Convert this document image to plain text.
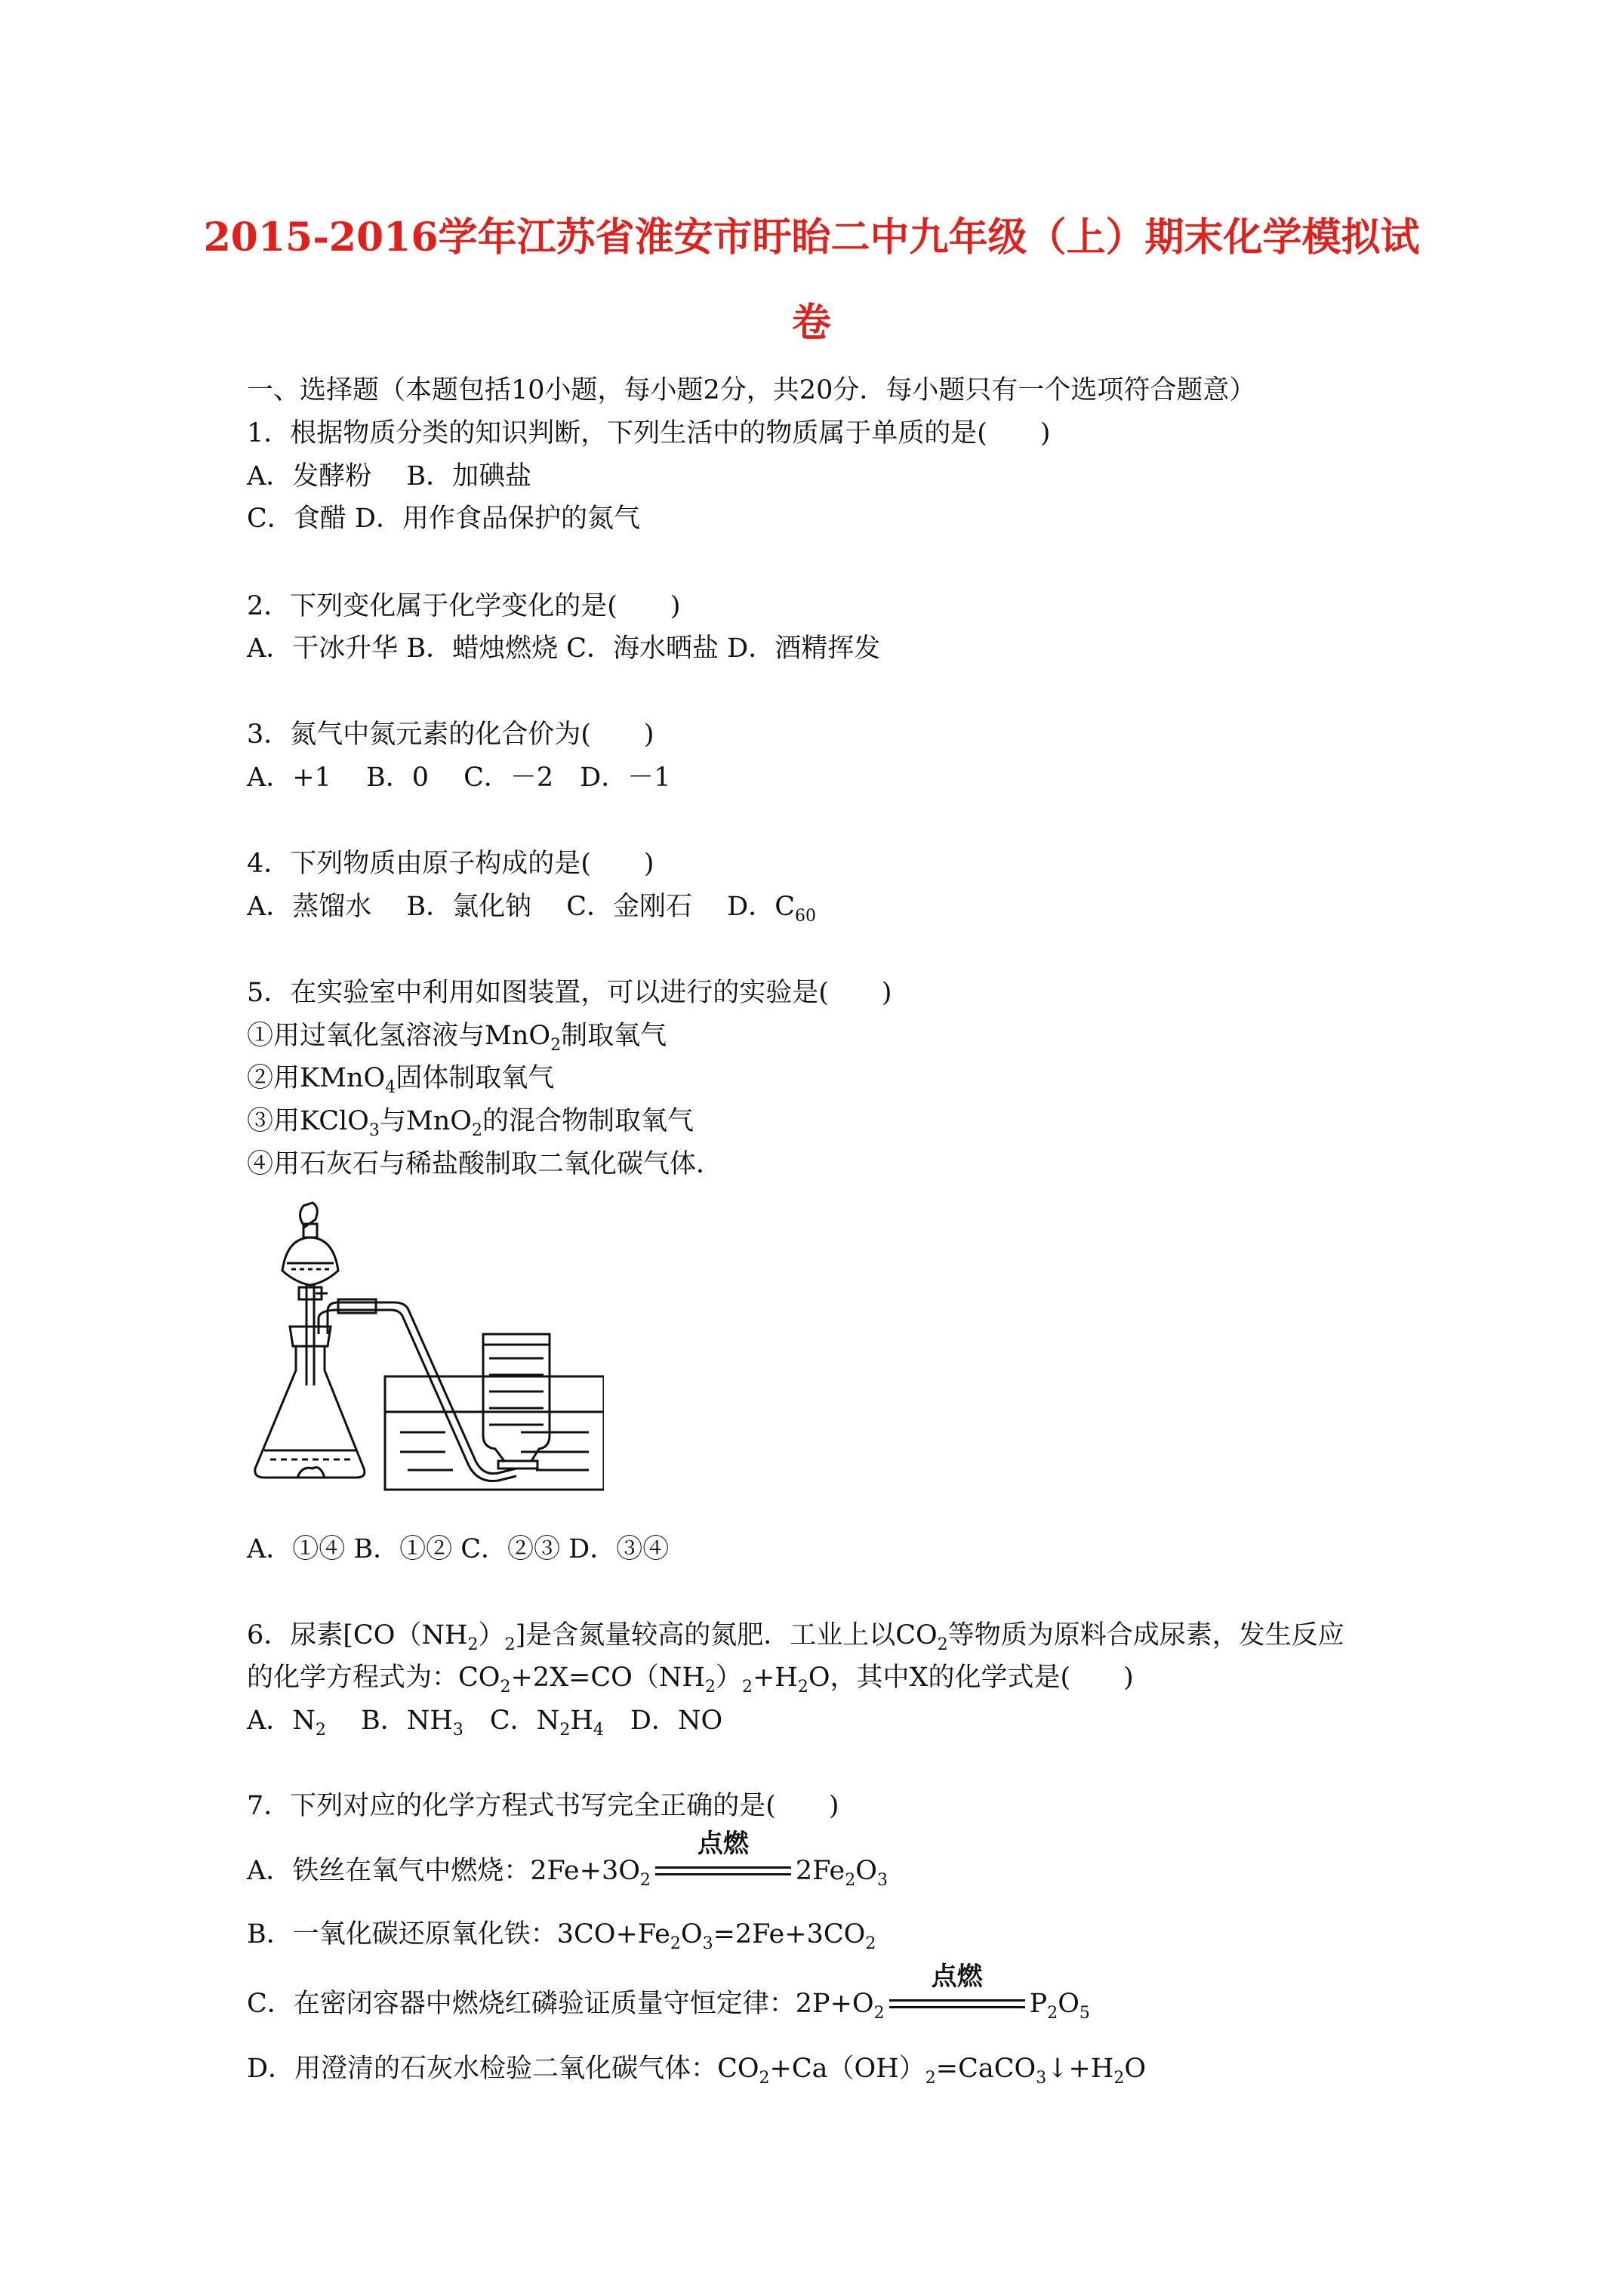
2015-2016学年江苏省淮安市盱眙二中九年级（上）期末化学模拟试
卷
一、选择题（本题包括10小题，每小题2分，共20分．每小题只有一个选项符合题意）
1．根据物质分类的知识判断，下列生活中的物质属于单质的是(　　)
A．发酵粉　 B．加碘盐
C．食醋 D．用作食品保护的氮气
2．下列变化属于化学变化的是(　　)
A．干冰升华 B．蜡烛燃烧 C．海水晒盐 D．酒精挥发
3．氮气中氮元素的化合价为(　　)
A．+1　 B．0　 C．－2　D．－1
4．下列物质由原子构成的是(　　)
A．蒸馏水　 B．氯化钠　 C．金刚石　 D．$C_{60}$
5．在实验室中利用如图装置，可以进行的实验是(　　)
①用过氧化氢溶液与MnO$_2$制取氧气
②用KMnO$_4$固体制取氧气
③用KClO$_3$与MnO$_2$的混合物制取氧气
④用石灰石与稀盐酸制取二氧化碳气体．
A．①④ B．①② C．②③ D．③④
6．尿素$[CO(NH_2)_2]$是含氮量较高的氮肥．工业上以$CO_2$等物质为原料合成尿素，发生反应
的化学方程式为：$CO_2+2X=CO(NH_2)_2+H_2O$，其中X的化学式是(　　)
A．$N_2$　 B．$NH_3$　C．$N_2H_4$　D．NO
7．下列对应的化学方程式书写完全正确的是(　　)
A．铁丝在氧气中燃烧：$2Fe+3O_2$
点燃
$2Fe_2O_3$
B．一氧化碳还原氧化铁：$3CO+Fe_2O_3=2Fe+3CO_2$
C．在密闭容器中燃烧红磷验证质量守恒定律：$2P+O_2$
点燃
$P_2O_5$
D．用澄清的石灰水检验二氧化碳气体：$CO_2+Ca(OH)_2=CaCO_3↓+H_2O$
